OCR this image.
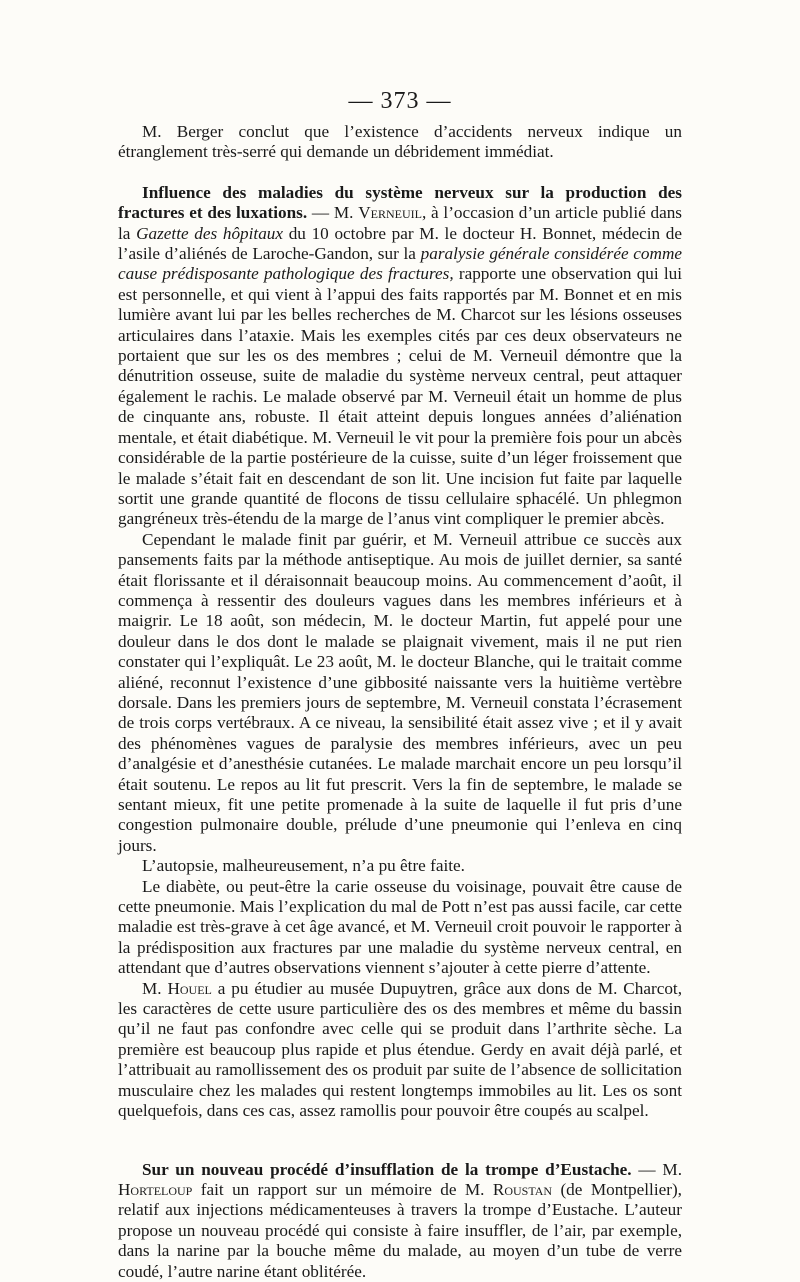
— 373 —

M. Berger conclut que l’existence d’accidents nerveux indique un étranglement très-serré qui demande un débridement immédiat.

Influence des maladies du système nerveux sur la production des fractures et des luxations. — M. Verneuil, à l’occasion d’un article publié dans la Gazette des hôpitaux du 10 octobre par M. le docteur H. Bonnet, médecin de l’asile d’aliénés de Laroche-Gandon, sur la paralysie générale considérée comme cause prédisposante pathologique des fractures, rapporte une observation qui lui est personnelle, et qui vient à l’appui des faits rapportés par M. Bonnet et en mis lumière avant lui par les belles recherches de M. Charcot sur les lésions osseuses articulaires dans l’ataxie. Mais les exemples cités par ces deux observateurs ne portaient que sur les os des membres ; celui de M. Verneuil démontre que la dénutrition osseuse, suite de maladie du système nerveux central, peut attaquer également le rachis. Le malade observé par M. Verneuil était un homme de plus de cinquante ans, robuste. Il était atteint depuis longues années d’aliénation mentale, et était diabétique. M. Verneuil le vit pour la première fois pour un abcès considérable de la partie postérieure de la cuisse, suite d’un léger froissement que le malade s’était fait en descendant de son lit. Une incision fut faite par laquelle sortit une grande quantité de flocons de tissu cellulaire sphacélé. Un phlegmon gangréneux très-étendu de la marge de l’anus vint compliquer le premier abcès.

Cependant le malade finit par guérir, et M. Verneuil attribue ce succès aux pansements faits par la méthode antiseptique. Au mois de juillet dernier, sa santé était florissante et il déraisonnait beaucoup moins. Au commencement d’août, il commença à ressentir des douleurs vagues dans les membres inférieurs et à maigrir. Le 18 août, son médecin, M. le docteur Martin, fut appelé pour une douleur dans le dos dont le malade se plaignait vivement, mais il ne put rien constater qui l’expliquât. Le 23 août, M. le docteur Blanche, qui le traitait comme aliéné, reconnut l’existence d’une gibbosité naissante vers la huitième vertèbre dorsale. Dans les premiers jours de septembre, M. Verneuil constata l’écrasement de trois corps vertébraux. A ce niveau, la sensibilité était assez vive ; et il y avait des phénomènes vagues de paralysie des membres inférieurs, avec un peu d’analgésie et d’anesthésie cutanées. Le malade marchait encore un peu lorsqu’il était soutenu. Le repos au lit fut prescrit. Vers la fin de septembre, le malade se sentant mieux, fit une petite promenade à la suite de laquelle il fut pris d’une congestion pulmonaire double, prélude d’une pneumonie qui l’enleva en cinq jours.

L’autopsie, malheureusement, n’a pu être faite.

Le diabète, ou peut-être la carie osseuse du voisinage, pouvait être cause de cette pneumonie. Mais l’explication du mal de Pott n’est pas aussi facile, car cette maladie est très-grave à cet âge avancé, et M. Verneuil croit pouvoir le rapporter à la prédisposition aux fractures par une maladie du système nerveux central, en attendant que d’autres observations viennent s’ajouter à cette pierre d’attente.

M. Houel a pu étudier au musée Dupuytren, grâce aux dons de M. Charcot, les caractères de cette usure particulière des os des membres et même du bassin qu’il ne faut pas confondre avec celle qui se produit dans l’arthrite sèche. La première est beaucoup plus rapide et plus étendue. Gerdy en avait déjà parlé, et l’attribuait au ramollissement des os produit par suite de l’absence de sollicitation musculaire chez les malades qui restent longtemps immobiles au lit. Les os sont quelquefois, dans ces cas, assez ramollis pour pouvoir être coupés au scalpel.

Sur un nouveau procédé d’insufflation de la trompe d’Eustache. — M. Horteloup fait un rapport sur un mémoire de M. Roustan (de Montpellier), relatif aux injections médicamenteuses à travers la trompe d’Eustache. L’auteur propose un nouveau procédé qui consiste à faire insuffler, de l’air, par exemple, dans la narine par la bouche même du malade, au moyen d’un tube de verre coudé, l’autre narine étant oblitérée.
